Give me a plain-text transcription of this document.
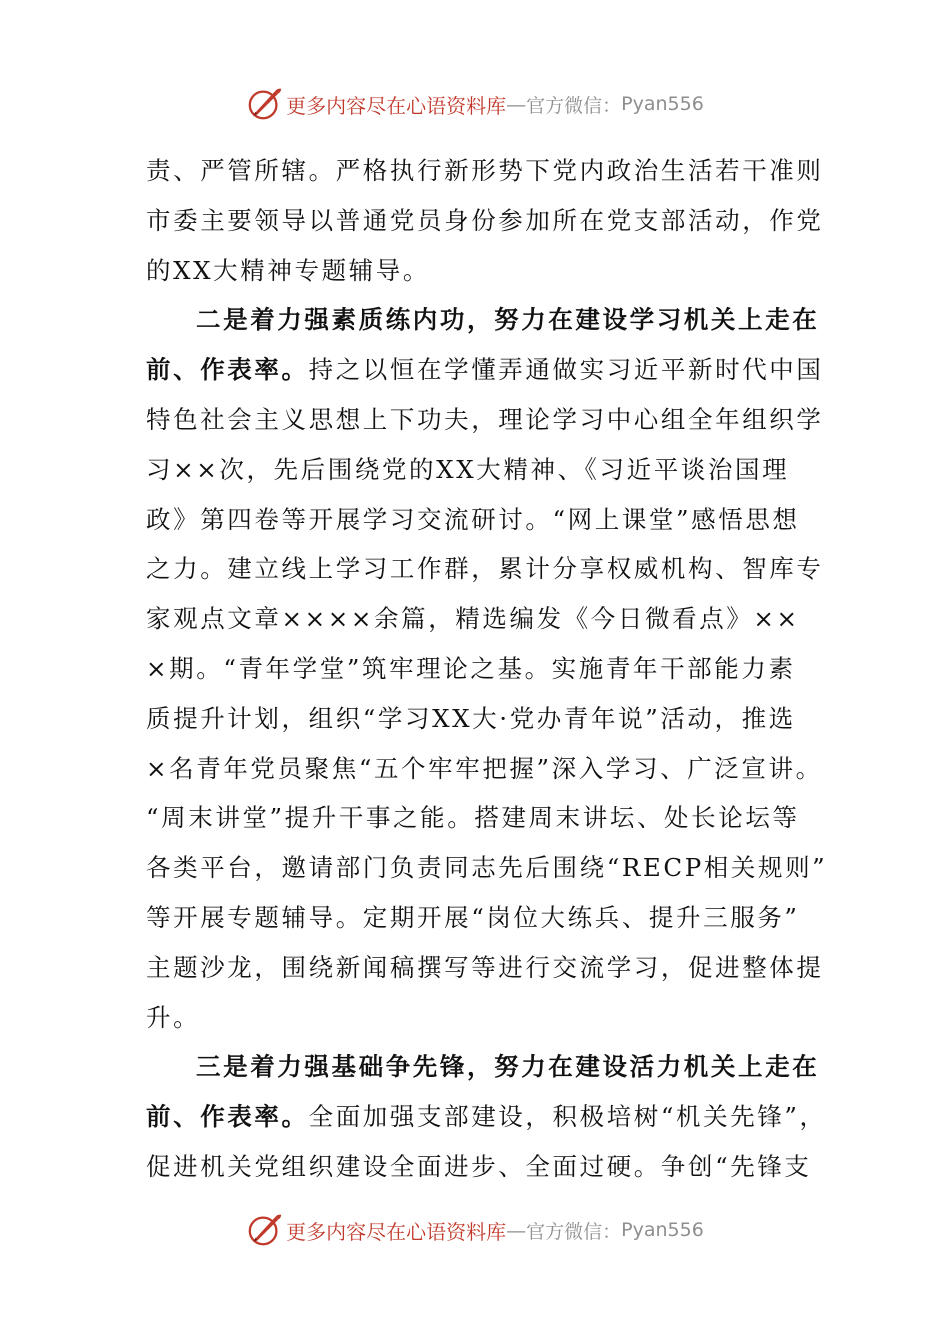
更多内容尽在心语资料库 — 官方微信： Pyan556
责、严管所辖。严格执行新形势下党内政治生活若干准则
市委主要领导以普通党员身份参加所在党支部活动，作党
的XX大精神专题辅导。
二是着力强素质练内功，努力在建设学习机关上走在
前、作表率。持之以恒在学懂弄通做实习近平新时代中国
特色社会主义思想上下功夫，理论学习中心组全年组织学
习××次，先后围绕党的XX大精神、《习近平谈治国理
政》第四卷等开展学习交流研讨。“网上课堂”感悟思想
之力。建立线上学习工作群，累计分享权威机构、智库专
家观点文章××××余篇，精选编发《今日微看点》××
×期。“青年学堂”筑牢理论之基。实施青年干部能力素
质提升计划，组织“学习XX大·党办青年说”活动，推选
×名青年党员聚焦“五个牢牢把握”深入学习、广泛宣讲。
“周末讲堂”提升干事之能。搭建周末讲坛、处长论坛等
各类平台，邀请部门负责同志先后围绕“RECP相关规则”
等开展专题辅导。定期开展“岗位大练兵、提升三服务”
主题沙龙，围绕新闻稿撰写等进行交流学习，促进整体提
升。
三是着力强基础争先锋，努力在建设活力机关上走在
前、作表率。全面加强支部建设，积极培树“机关先锋”，
促进机关党组织建设全面进步、全面过硬。争创“先锋支
更多内容尽在心语资料库 — 官方微信： Pyan556
